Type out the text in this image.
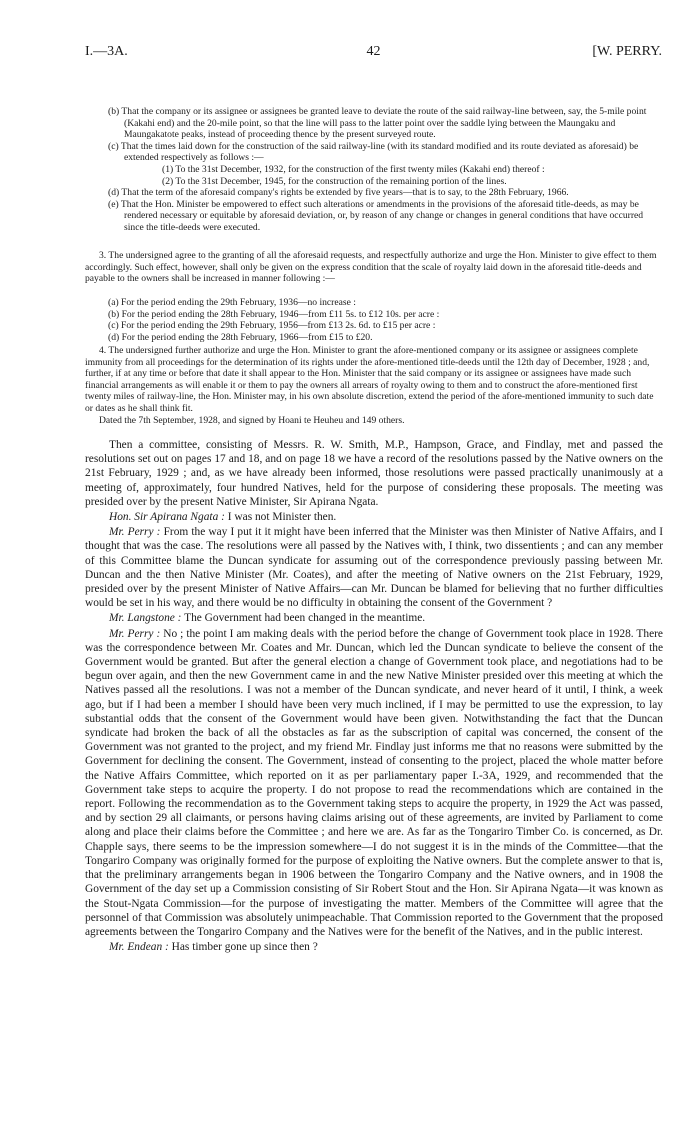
I.—3A.	42	[W. PERRY.

(b) That the company or its assignee or assignees be granted leave to deviate the route of the said railway-line between, say, the 5-mile point (Kakahi end) and the 20-mile point, so that the line will pass to the latter point over the saddle lying between the Maungaku and Maungakatote peaks, instead of proceeding thence by the present surveyed route.

(c) That the times laid down for the construction of the said railway-line (with its standard modified and its route deviated as aforesaid) be extended respectively as follows :—

(1) To the 31st December, 1932, for the construction of the first twenty miles (Kakahi end) thereof :

(2) To the 31st December, 1945, for the construction of the remaining portion of the lines.

(d) That the term of the aforesaid company's rights be extended by five years—that is to say, to the 28th February, 1966.

(e) That the Hon. Minister be empowered to effect such alterations or amendments in the provisions of the aforesaid title-deeds, as may be rendered necessary or equitable by aforesaid deviation, or, by reason of any change or changes in general conditions that have occurred since the title-deeds were executed.

3. The undersigned agree to the granting of all the aforesaid requests, and respectfully authorize and urge the Hon. Minister to give effect to them accordingly. Such effect, however, shall only be given on the express condition that the scale of royalty laid down in the aforesaid title-deeds and payable to the owners shall be increased in manner following :—

(a) For the period ending the 29th February, 1936—no increase :

(b) For the period ending the 28th February, 1946—from £11 5s. to £12 10s. per acre :

(c) For the period ending the 29th February, 1956—from £13 2s. 6d. to £15 per acre :

(d) For the period ending the 28th February, 1966—from £15 to £20.

4. The undersigned further authorize and urge the Hon. Minister to grant the afore-mentioned company or its assignee or assignees complete immunity from all proceedings for the determination of its rights under the afore-mentioned title-deeds until the 12th day of December, 1928 ; and, further, if at any time or before that date it shall appear to the Hon. Minister that the said company or its assignee or assignees have made such financial arrangements as will enable it or them to pay the owners all arrears of royalty owing to them and to construct the afore-mentioned first twenty miles of railway-line, the Hon. Minister may, in his own absolute discretion, extend the period of the afore-mentioned immunity to such date or dates as he shall think fit.

Dated the 7th September, 1928, and signed by Hoani te Heuheu and 149 others.

Then a committee, consisting of Messrs. R. W. Smith, M.P., Hampson, Grace, and Findlay, met and passed the resolutions set out on pages 17 and 18, and on page 18 we have a record of the resolutions passed by the Native owners on the 21st February, 1929 ; and, as we have already been informed, those resolutions were passed practically unanimously at a meeting of, approximately, four hundred Natives, held for the purpose of considering these proposals. The meeting was presided over by the present Native Minister, Sir Apirana Ngata.

Hon. Sir Apirana Ngata : I was not Minister then.

Mr. Perry : From the way I put it it might have been inferred that the Minister was then Minister of Native Affairs, and I thought that was the case. The resolutions were all passed by the Natives with, I think, two dissentients ; and can any member of this Committee blame the Duncan syndicate for assuming out of the correspondence previously passing between Mr. Duncan and the then Native Minister (Mr. Coates), and after the meeting of Native owners on the 21st February, 1929, presided over by the present Minister of Native Affairs—can Mr. Duncan be blamed for believing that no further difficulties would be set in his way, and there would be no difficulty in obtaining the consent of the Government ?

Mr. Langstone : The Government had been changed in the meantime.

Mr. Perry : No ; the point I am making deals with the period before the change of Government took place in 1928. There was the correspondence between Mr. Coates and Mr. Duncan, which led the Duncan syndicate to believe the consent of the Government would be granted. But after the general election a change of Government took place, and negotiations had to be begun over again, and then the new Government came in and the new Native Minister presided over this meeting at which the Natives passed all the resolutions. I was not a member of the Duncan syndicate, and never heard of it until, I think, a week ago, but if I had been a member I should have been very much inclined, if I may be permitted to use the expression, to lay substantial odds that the consent of the Government would have been given. Notwithstanding the fact that the Duncan syndicate had broken the back of all the obstacles as far as the subscription of capital was concerned, the consent of the Government was not granted to the project, and my friend Mr. Findlay just informs me that no reasons were submitted by the Government for declining the consent. The Government, instead of consenting to the project, placed the whole matter before the Native Affairs Committee, which reported on it as per parliamentary paper I.-3A, 1929, and recommended that the Government take steps to acquire the property. I do not propose to read the recommendations which are contained in the report. Following the recommendation as to the Government taking steps to acquire the property, in 1929 the Act was passed, and by section 29 all claimants, or persons having claims arising out of these agreements, are invited by Parliament to come along and place their claims before the Committee ; and here we are. As far as the Tongariro Timber Co. is concerned, as Dr. Chapple says, there seems to be the impression somewhere—I do not suggest it is in the minds of the Committee—that the Tongariro Company was originally formed for the purpose of exploiting the Native owners. But the complete answer to that is, that the preliminary arrangements began in 1906 between the Tongariro Company and the Native owners, and in 1908 the Government of the day set up a Commission consisting of Sir Robert Stout and the Hon. Sir Apirana Ngata—it was known as the Stout-Ngata Commission—for the purpose of investigating the matter. Members of the Committee will agree that the personnel of that Commission was absolutely unimpeachable. That Commission reported to the Government that the proposed agreements between the Tongariro Company and the Natives were for the benefit of the Natives, and in the public interest.

Mr. Endean : Has timber gone up since then ?
